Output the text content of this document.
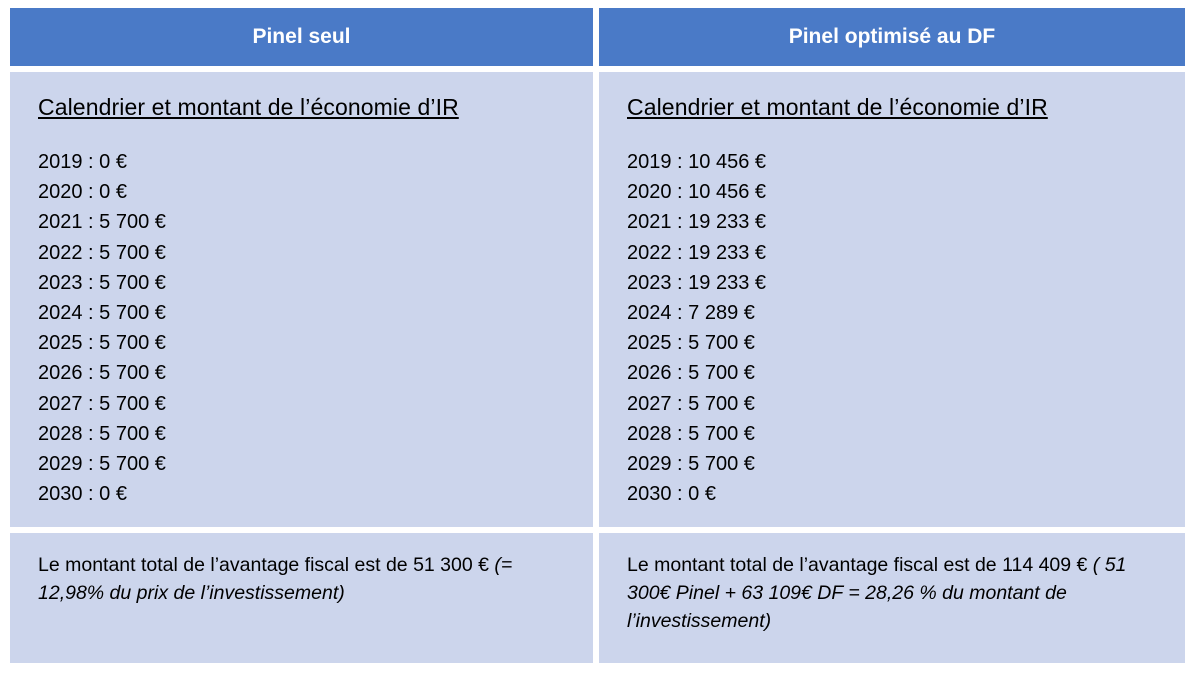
Pinel seul	Pinel optimisé au DF
Calendrier et montant de l’économie d’IR
2019 : 0 €
2020 : 0 €
2021 : 5 700 €
2022 : 5 700 €
2023 : 5 700 €
2024 : 5 700 €
2025 : 5 700 €
2026 : 5 700 €
2027 : 5 700 €
2028 : 5 700 €
2029 : 5 700 €
2030 : 0 €
Calendrier et montant de l’économie d’IR
2019 : 10 456 €
2020 : 10 456 €
2021 : 19 233 €
2022 : 19 233 €
2023 : 19 233 €
2024 : 7 289 €
2025 : 5 700 €
2026 : 5 700 €
2027 : 5 700 €
2028 : 5 700 €
2029 : 5 700 €
2030 : 0 €
Le montant total de l’avantage fiscal est de 51 300 € (= 12,98% du prix de l’investissement)
Le montant total de l’avantage fiscal est de 114 409 € ( 51 300€ Pinel + 63 109€ DF = 28,26 % du montant de l’investissement)
